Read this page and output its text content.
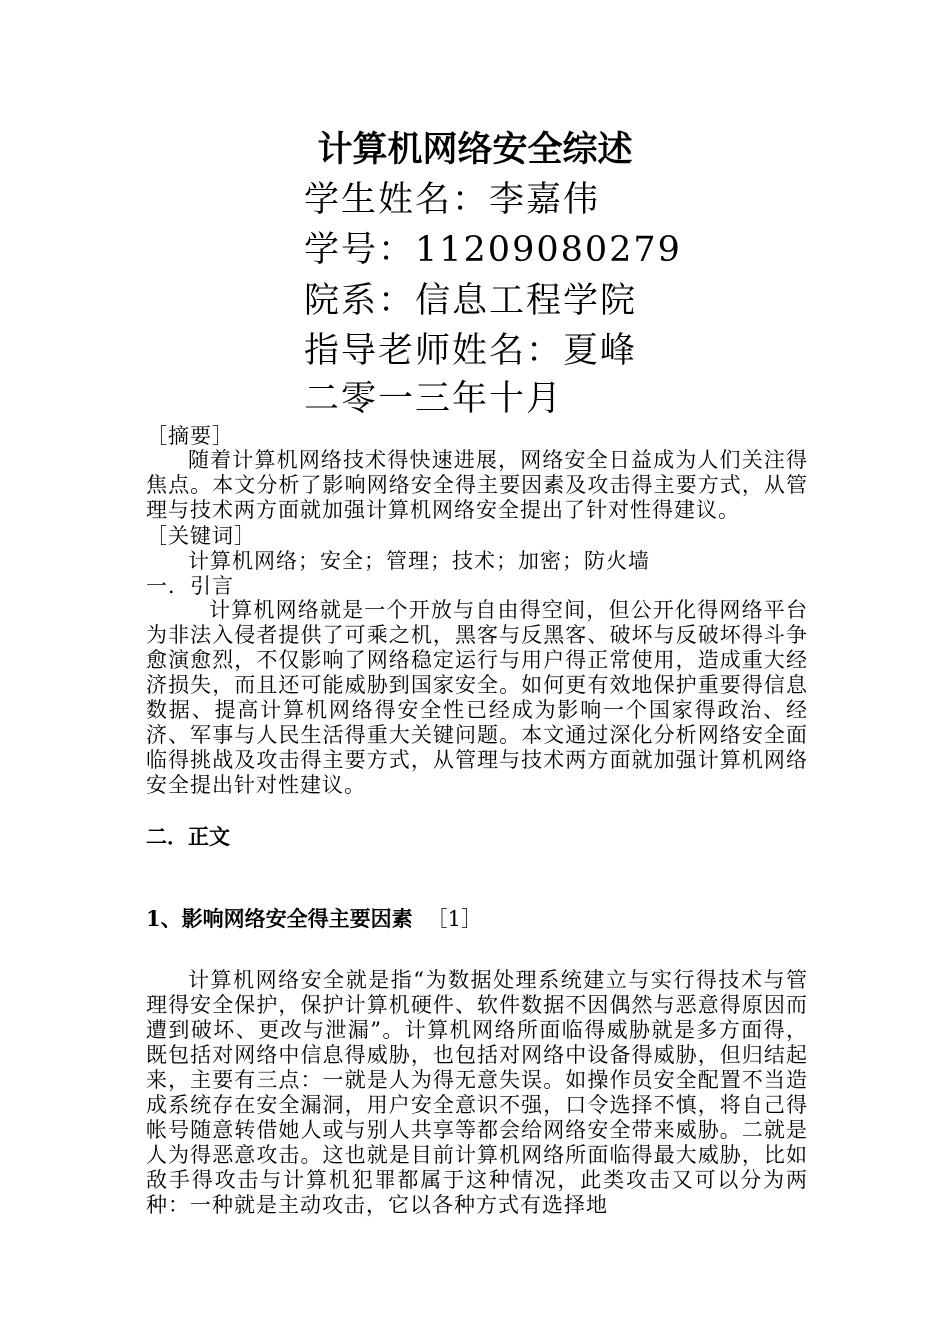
计算机网络安全综述
学生姓名：李嘉伟
学号：11209080279
院系：信息工程学院
指导老师姓名：夏峰
二零一三年十月
［摘要］

随着计算机网络技术得快速进展，网络安全日益成为人们关注得焦点。本文分析了影响网络安全得主要因素及攻击得主要方式，从管理与技术两方面就加强计算机网络安全提出了针对性得建议。

［关键词］
计算机网络；安全；管理；技术；加密；防火墙
一．引言

计算机网络就是一个开放与自由得空间，但公开化得网络平台为非法入侵者提供了可乘之机，黑客与反黑客、破坏与反破坏得斗争愈演愈烈，不仅影响了网络稳定运行与用户得正常使用，造成重大经济损失，而且还可能威胁到国家安全。如何更有效地保护重要得信息数据、提高计算机网络得安全性已经成为影响一个国家得政治、经济、军事与人民生活得重大关键问题。本文通过深化分析网络安全面临得挑战及攻击得主要方式，从管理与技术两方面就加强计算机网络安全提出针对性建议。

二．正文
1、影响网络安全得主要因素 ［1］

计算机网络安全就是指“为数据处理系统建立与实行得技术与管理得安全保护，保护计算机硬件、软件数据不因偶然与恶意得原因而遭到破坏、更改与泄漏”。计算机网络所面临得威胁就是多方面得，既包括对网络中信息得威胁，也包括对网络中设备得威胁，但归结起来，主要有三点：一就是人为得无意失误。如操作员安全配置不当造成系统存在安全漏洞，用户安全意识不强，口令选择不慎，将自己得帐号随意转借她人或与别人共享等都会给网络安全带来威胁。二就是人为得恶意攻击。这也就是目前计算机网络所面临得最大威胁，比如敌手得攻击与计算机犯罪都属于这种情况，此类攻击又可以分为两种：一种就是主动攻击，它以各种方式有选择地
